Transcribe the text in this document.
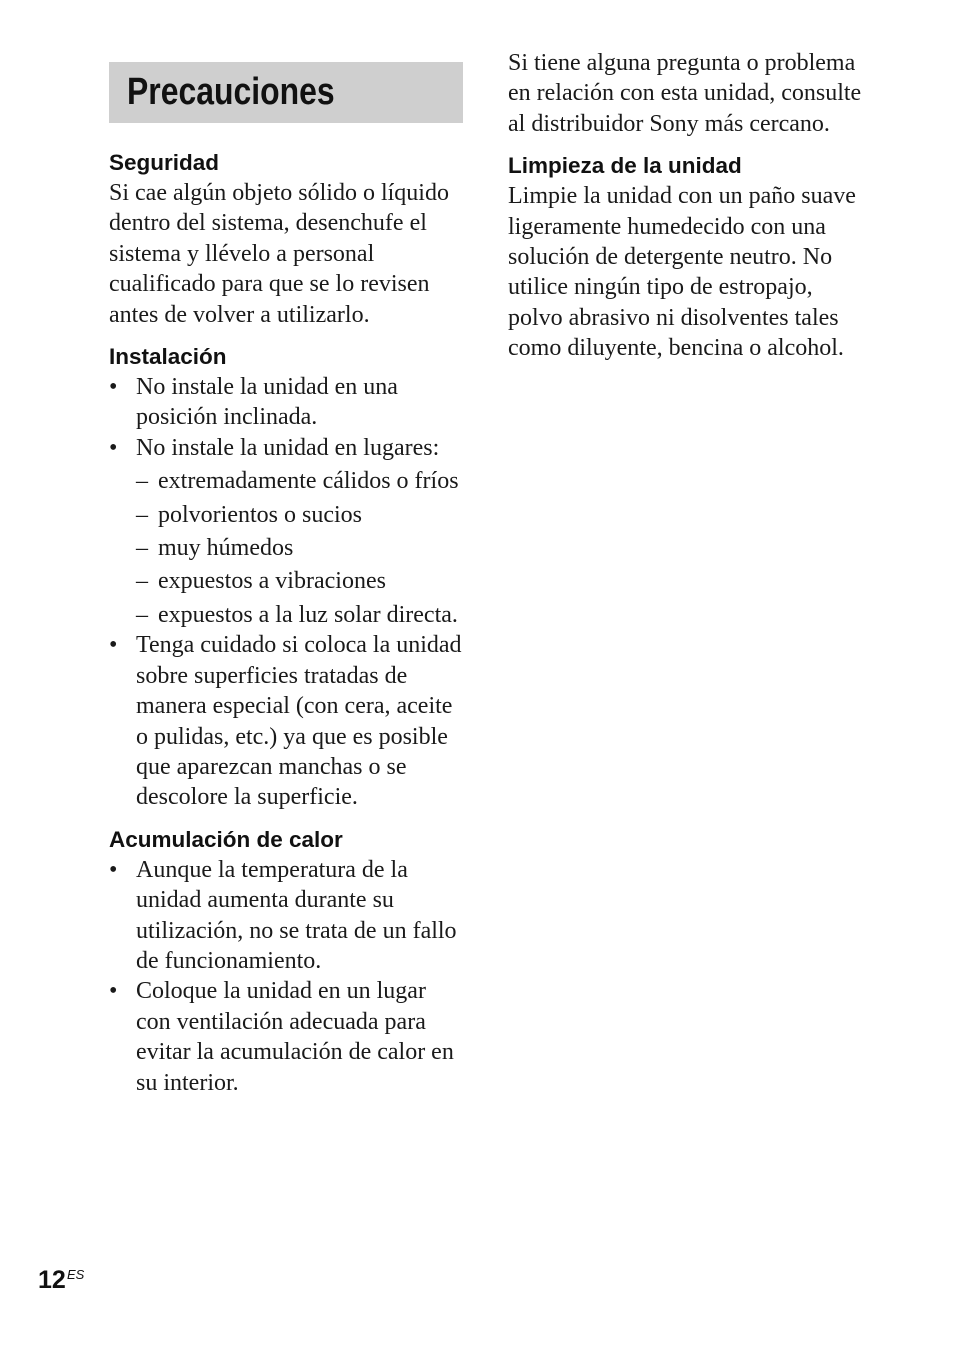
Precauciones
Seguridad
Si cae algún objeto sólido o líquido dentro del sistema, desenchufe el sistema y llévelo a personal cualificado para que se lo revisen antes de volver a utilizarlo.
Instalación
• No instale la unidad en una posición inclinada.
• No instale la unidad en lugares:
– extremadamente cálidos o fríos
– polvorientos o sucios
– muy húmedos
– expuestos a vibraciones
– expuestos a la luz solar directa.
• Tenga cuidado si coloca la unidad sobre superficies tratadas de manera especial (con cera, aceite o pulidas, etc.) ya que es posible que aparezcan manchas o se descolore la superficie.
Acumulación de calor
• Aunque la temperatura de la unidad aumenta durante su utilización, no se trata de un fallo de funcionamiento.
• Coloque la unidad en un lugar con ventilación adecuada para evitar la acumulación de calor en su interior.
Si tiene alguna pregunta o problema en relación con esta unidad, consulte al distribuidor Sony más cercano.
Limpieza de la unidad
Limpie la unidad con un paño suave ligeramente humedecido con una solución de detergente neutro. No utilice ningún tipo de estropajo, polvo abrasivo ni disolventes tales como diluyente, bencina o alcohol.
12 ES
